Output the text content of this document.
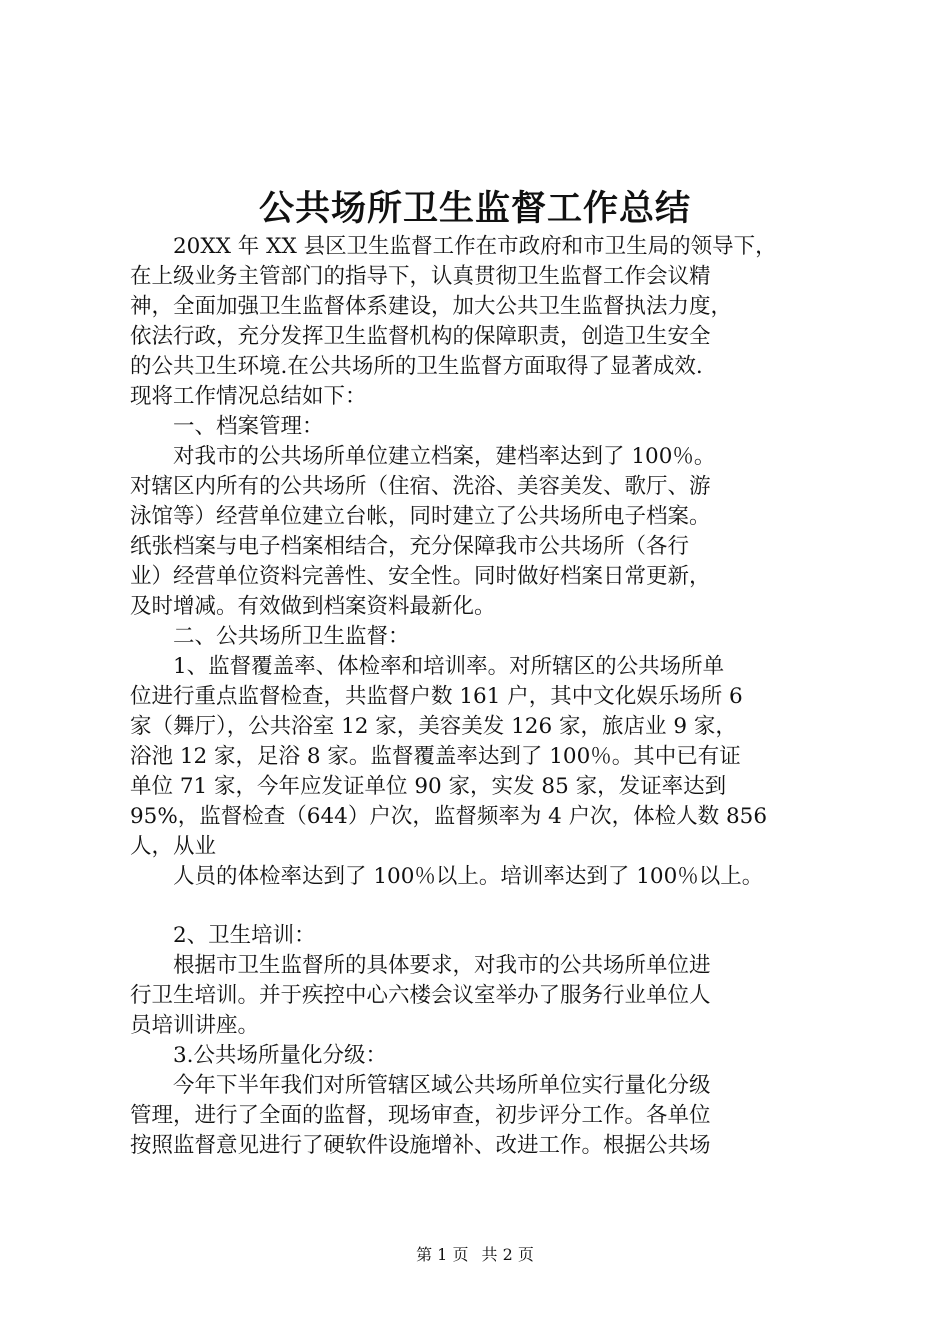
公共场所卫生监督工作总结
　　20XX 年 XX 县区卫生监督工作在市政府和市卫生局的领导下，
在上级业务主管部门的指导下，认真贯彻卫生监督工作会议精
神，全面加强卫生监督体系建设，加大公共卫生监督执法力度，
依法行政，充分发挥卫生监督机构的保障职责，创造卫生安全
的公共卫生环境.在公共场所的卫生监督方面取得了显著成效.
现将工作情况总结如下：
　　一、档案管理：
　　对我市的公共场所单位建立档案，建档率达到了 100％。
对辖区内所有的公共场所（住宿、洗浴、美容美发、歌厅、游
泳馆等）经营单位建立台帐，同时建立了公共场所电子档案。
纸张档案与电子档案相结合，充分保障我市公共场所（各行
业）经营单位资料完善性、安全性。同时做好档案日常更新，
及时增减。有效做到档案资料最新化。
　　二、公共场所卫生监督：
　　1、监督覆盖率、体检率和培训率。对所辖区的公共场所单
位进行重点监督检查，共监督户数 161 户，其中文化娱乐场所 6
家（舞厅），公共浴室 12 家，美容美发 126 家，旅店业 9 家，
浴池 12 家，足浴 8 家。监督覆盖率达到了 100％。其中已有证
单位 71 家，今年应发证单位 90 家，实发 85 家，发证率达到
95%，监督检查（644）户次，监督频率为 4 户次，体检人数 856
人，从业
　　人员的体检率达到了 100％以上。培训率达到了 100％以上。
　　2、卫生培训：
　　根据市卫生监督所的具体要求，对我市的公共场所单位进
行卫生培训。并于疾控中心六楼会议室举办了服务行业单位人
员培训讲座。
　　3.公共场所量化分级：
　　今年下半年我们对所管辖区域公共场所单位实行量化分级
管理，进行了全面的监督，现场审查，初步评分工作。各单位
按照监督意见进行了硬软件设施增补、改进工作。根据公共场
第 1 页 共 2 页
